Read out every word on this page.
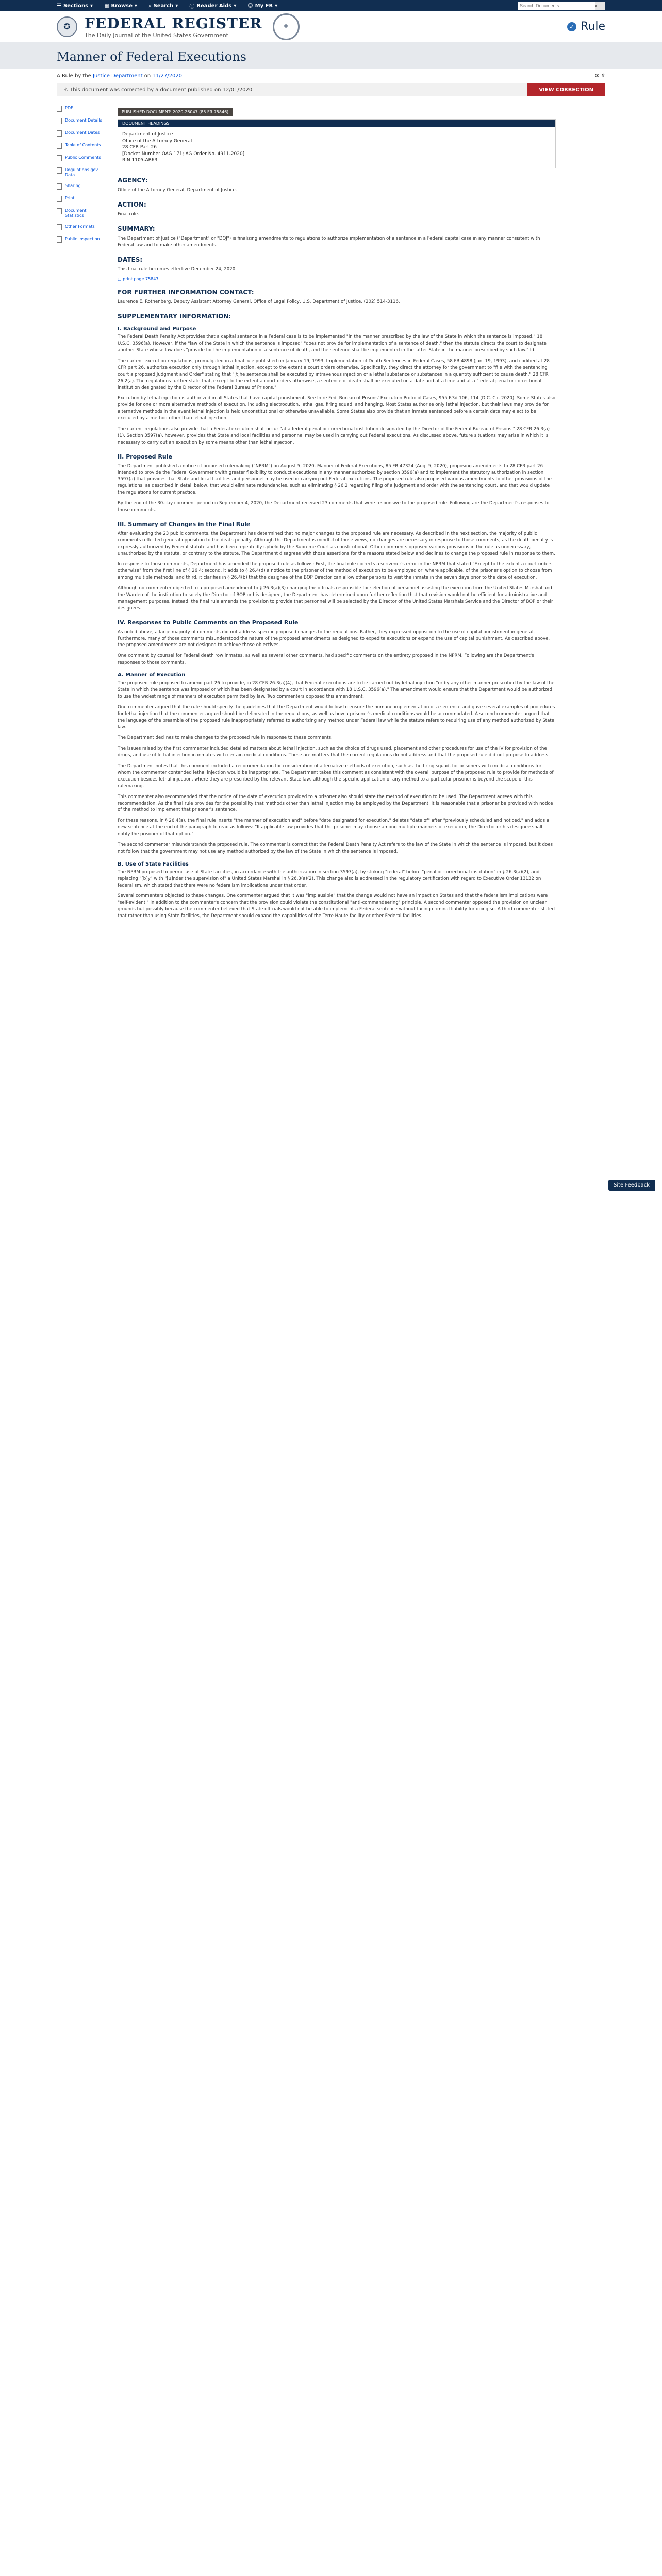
☰ Sections ▾ ▦ Browse ▾ ⌕ Search ▾ ⓘ Reader Aids ▾ ☺ My FR ▾
Search Documents	⌕
✪ FEDERAL REGISTER
The Daily Journal of the United States Government
✦	✓ Rule
Manner of Federal Executions
A Rule by the
Justice Department
on
11/27/2020	✉ ⇪
⚠ This document was corrected by a document published on 12/01/2020	VIEW CORRECTION
PDF
Document Details
Document Dates
Table of Contents
Public Comments
Regulations.gov Data
Sharing
Print
Document Statistics
Other Formats
Public Inspection
PUBLISHED DOCUMENT: 2020-26047 (85 FR 75846)
DOCUMENT HEADINGS
Department of Justice
Office of the Attorney General
28 CFR Part 26
[Docket Number OAG 171; AG Order No. 4911-2020]
RIN 1105-AB63
AGENCY:

Office of the Attorney General, Department of Justice.

ACTION:

Final rule.

SUMMARY:

The Department of Justice ("Department" or "DOJ") is finalizing amendments to regulations to authorize implementation of a sentence in a Federal capital case in any manner consistent with Federal law and to make other amendments.

DATES:

This final rule becomes effective December 24, 2020.

▢ print page 75847
FOR FURTHER INFORMATION CONTACT:

Laurence E. Rothenberg, Deputy Assistant Attorney General, Office of Legal Policy, U.S. Department of Justice, (202) 514-3116.

SUPPLEMENTARY INFORMATION:
I. Background and Purpose

The Federal Death Penalty Act provides that a capital sentence in a Federal case is to be implemented "in the manner prescribed by the law of the State in which the sentence is imposed." 18 U.S.C. 3596(a). However, if the "law of the State in which the sentence is imposed" "does not provide for implementation of a sentence of death," then the statute directs the court to designate another State whose law does "provide for the implementation of a sentence of death, and the sentence shall be implemented in the latter State in the manner prescribed by such law." Id.

The current execution regulations, promulgated in a final rule published on January 19, 1993, Implementation of Death Sentences in Federal Cases, 58 FR 4898 (Jan. 19, 1993), and codified at 28 CFR part 26, authorize execution only through lethal injection, except to the extent a court orders otherwise. Specifically, they direct the attorney for the government to "file with the sentencing court a proposed Judgment and Order" stating that "[t]he sentence shall be executed by intravenous injection of a lethal substance or substances in a quantity sufficient to cause death." 28 CFR 26.2(a). The regulations further state that, except to the extent a court orders otherwise, a sentence of death shall be executed on a date and at a time and at a "federal penal or correctional institution designated by the Director of the Federal Bureau of Prisons."

Execution by lethal injection is authorized in all States that have capital punishment. See In re Fed. Bureau of Prisons' Execution Protocol Cases, 955 F.3d 106, 114 (D.C. Cir. 2020). Some States also provide for one or more alternative methods of execution, including electrocution, lethal gas, firing squad, and hanging. Most States authorize only lethal injection, but their laws may provide for alternative methods in the event lethal injection is held unconstitutional or otherwise unavailable. Some States also provide that an inmate sentenced before a certain date may elect to be executed by a method other than lethal injection.

The current regulations also provide that a Federal execution shall occur "at a federal penal or correctional institution designated by the Director of the Federal Bureau of Prisons." 28 CFR 26.3(a)(1). Section 3597(a), however, provides that State and local facilities and personnel may be used in carrying out Federal executions. As discussed above, future situations may arise in which it is necessary to carry out an execution by some means other than lethal injection.

II. Proposed Rule

The Department published a notice of proposed rulemaking ("NPRM") on August 5, 2020. Manner of Federal Executions, 85 FR 47324 (Aug. 5, 2020), proposing amendments to 28 CFR part 26 intended to provide the Federal Government with greater flexibility to conduct executions in any manner authorized by section 3596(a) and to implement the statutory authorization in section 3597(a) that provides that State and local facilities and personnel may be used in carrying out Federal executions. The proposed rule also proposed various amendments to other provisions of the regulations, as described in detail below, that would eliminate redundancies, such as eliminating § 26.2 regarding filing of a judgment and order with the sentencing court, and that would update the regulations for current practice.

By the end of the 30-day comment period on September 4, 2020, the Department received 23 comments that were responsive to the proposed rule. Following are the Department's responses to those comments.

III. Summary of Changes in the Final Rule

After evaluating the 23 public comments, the Department has determined that no major changes to the proposed rule are necessary. As described in the next section, the majority of public comments reflected general opposition to the death penalty. Although the Department is mindful of those views, no changes are necessary in response to those comments, as the death penalty is expressly authorized by Federal statute and has been repeatedly upheld by the Supreme Court as constitutional. Other comments opposed various provisions in the rule as unnecessary, unauthorized by the statute, or contrary to the statute. The Department disagrees with those assertions for the reasons stated below and declines to change the proposed rule in response to them.

In response to those comments, Department has amended the proposed rule as follows: First, the final rule corrects a scrivener's error in the NPRM that stated "Except to the extent a court orders otherwise" from the first line of § 26.4; second, it adds to § 26.4(d) a notice to the prisoner of the method of execution to be employed or, where applicable, of the prisoner's option to choose from among multiple methods; and third, it clarifies in § 26.4(b) that the designee of the BOP Director can allow other persons to visit the inmate in the seven days prior to the date of execution.

Although no commenter objected to a proposed amendment to § 26.3(a)(3) changing the officials responsible for selection of personnel assisting the execution from the United States Marshal and the Warden of the institution to solely the Director of BOP or his designee, the Department has determined upon further reflection that that revision would not be efficient for administrative and management purposes. Instead, the final rule amends the provision to provide that personnel will be selected by the Director of the United States Marshals Service and the Director of BOP or their designees.

IV. Responses to Public Comments on the Proposed Rule

As noted above, a large majority of comments did not address specific proposed changes to the regulations. Rather, they expressed opposition to the use of capital punishment in general. Furthermore, many of those comments misunderstood the nature of the proposed amendments as designed to expedite executions or expand the use of capital punishment. As described above, the proposed amendments are not designed to achieve those objectives.

One comment by counsel for Federal death row inmates, as well as several other comments, had specific comments on the entirety proposed in the NPRM. Following are the Department's responses to those comments.

A. Manner of Execution

The proposed rule proposed to amend part 26 to provide, in 28 CFR 26.3(a)(4), that Federal executions are to be carried out by lethal injection "or by any other manner prescribed by the law of the State in which the sentence was imposed or which has been designated by a court in accordance with 18 U.S.C. 3596(a)." The amendment would ensure that the Department would be authorized to use the widest range of manners of execution permitted by law. Two commenters opposed this amendment.

One commenter argued that the rule should specify the guidelines that the Department would follow to ensure the humane implementation of a sentence and gave several examples of procedures for lethal injection that the commenter argued should be delineated in the regulations, as well as how a prisoner's medical conditions would be accommodated. A second commenter argued that the language of the preamble of the proposed rule inappropriately referred to authorizing any method under Federal law while the statute refers to requiring use of any method authorized by State law.

The Department declines to make changes to the proposed rule in response to these comments.

The issues raised by the first commenter included detailed matters about lethal injection, such as the choice of drugs used, placement and other procedures for use of the IV for provision of the drugs, and use of lethal injection in inmates with certain medical conditions. These are matters that the current regulations do not address and that the proposed rule did not propose to address.

The Department notes that this comment included a recommendation for consideration of alternative methods of execution, such as the firing squad, for prisoners with medical conditions for whom the commenter contended lethal injection would be inappropriate. The Department takes this comment as consistent with the overall purpose of the proposed rule to provide for methods of execution besides lethal injection, where they are prescribed by the relevant State law, although the specific application of any method to a particular prisoner is beyond the scope of this rulemaking.

This commenter also recommended that the notice of the date of execution provided to a prisoner also should state the method of execution to be used. The Department agrees with this recommendation. As the final rule provides for the possibility that methods other than lethal injection may be employed by the Department, it is reasonable that a prisoner be provided with notice of the method to implement that prisoner's sentence.

For these reasons, in § 26.4(a), the final rule inserts "the manner of execution and" before "date designated for execution," deletes "date of" after "previously scheduled and noticed," and adds a new sentence at the end of the paragraph to read as follows: "If applicable law provides that the prisoner may choose among multiple manners of execution, the Director or his designee shall notify the prisoner of that option."

The second commenter misunderstands the proposed rule. The commenter is correct that the Federal Death Penalty Act refers to the law of the State in which the sentence is imposed, but it does not follow that the government may not use any method authorized by the law of the State in which the sentence is imposed.

B. Use of State Facilities

The NPRM proposed to permit use of State facilities, in accordance with the authorization in section 3597(a), by striking "federal" before "penal or correctional institution" in § 26.3(a)(2), and replacing "[b]y" with "[u]nder the supervision of" a United States Marshal in § 26.3(a)(2). This change also is addressed in the regulatory certification with regard to Executive Order 13132 on federalism, which stated that there were no federalism implications under that order.

Several commenters objected to these changes. One commenter argued that it was "implausible" that the change would not have an impact on States and that the federalism implications were "self-evident," in addition to the commenter's concern that the provision could violate the constitutional "anti-commandeering" principle. A second commenter opposed the provision on unclear grounds but possibly because the commenter believed that State officials would not be able to implement a Federal sentence without facing criminal liability for doing so. A third commenter stated that rather than using State facilities, the Department should expand the capabilities of the Terre Haute facility or other Federal facilities.

Site Feedback
